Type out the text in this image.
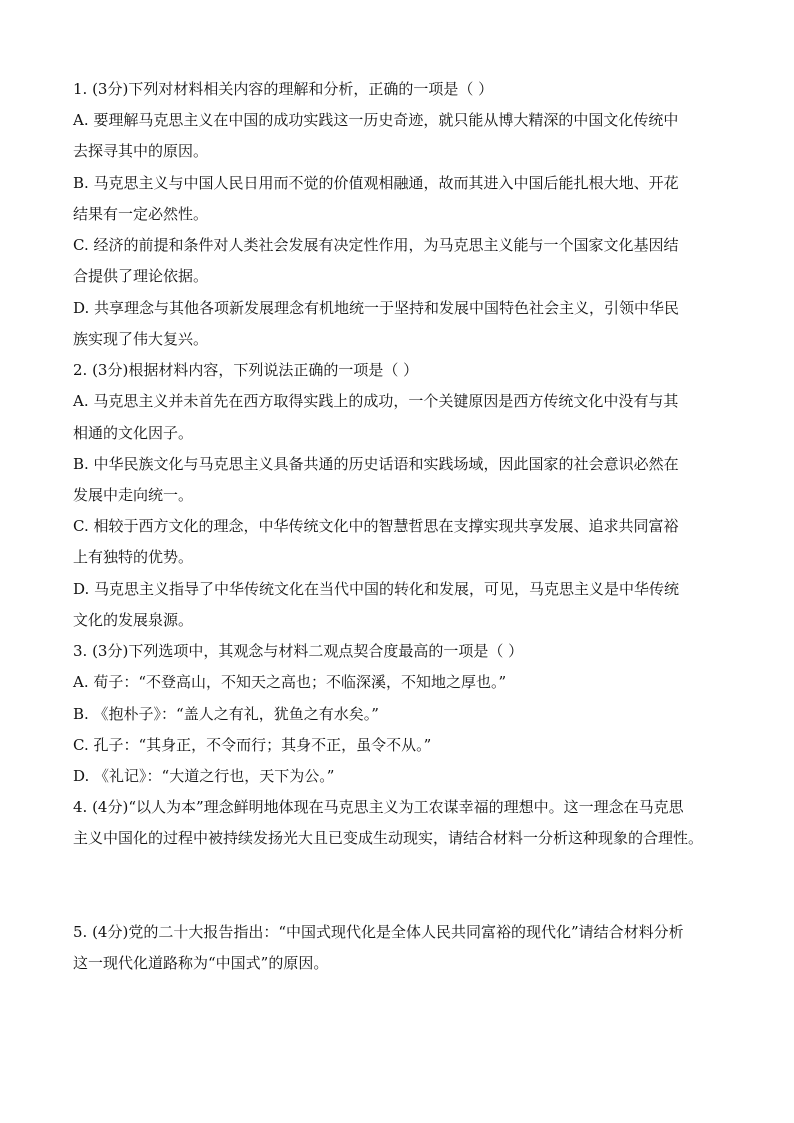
1. (3分)下列对材料相关内容的理解和分析，正确的一项是（ ）
A. 要理解马克思主义在中国的成功实践这一历史奇迹，就只能从博大精深的中国文化传统中
去探寻其中的原因。
B. 马克思主义与中国人民日用而不觉的价值观相融通，故而其进入中国后能扎根大地、开花
结果有一定必然性。
C. 经济的前提和条件对人类社会发展有决定性作用，为马克思主义能与一个国家文化基因结
合提供了理论依据。
D. 共享理念与其他各项新发展理念有机地统一于坚持和发展中国特色社会主义，引领中华民
族实现了伟大复兴。
2. (3分)根据材料内容，下列说法正确的一项是（ ）
A. 马克思主义并未首先在西方取得实践上的成功，一个关键原因是西方传统文化中没有与其
相通的文化因子。
B. 中华民族文化与马克思主义具备共通的历史话语和实践场域，因此国家的社会意识必然在
发展中走向统一。
C. 相较于西方文化的理念，中华传统文化中的智慧哲思在支撑实现共享发展、追求共同富裕
上有独特的优势。
D. 马克思主义指导了中华传统文化在当代中国的转化和发展，可见，马克思主义是中华传统
文化的发展泉源。
3. (3分)下列选项中，其观念与材料二观点契合度最高的一项是（ ）
A. 荀子：“不登高山，不知天之高也；不临深溪，不知地之厚也。”
B. 《抱朴子》：“盖人之有礼，犹鱼之有水矣。”
C. 孔子：“其身正，不令而行；其身不正，虽令不从。”
D. 《礼记》：“大道之行也，天下为公。”
4. (4分)“以人为本”理念鲜明地体现在马克思主义为工农谋幸福的理想中。这一理念在马克思
主义中国化的过程中被持续发扬光大且已变成生动现实，请结合材料一分析这种现象的合理性。
5. (4分)党的二十大报告指出：“中国式现代化是全体人民共同富裕的现代化”请结合材料分析
这一现代化道路称为“中国式”的原因。
